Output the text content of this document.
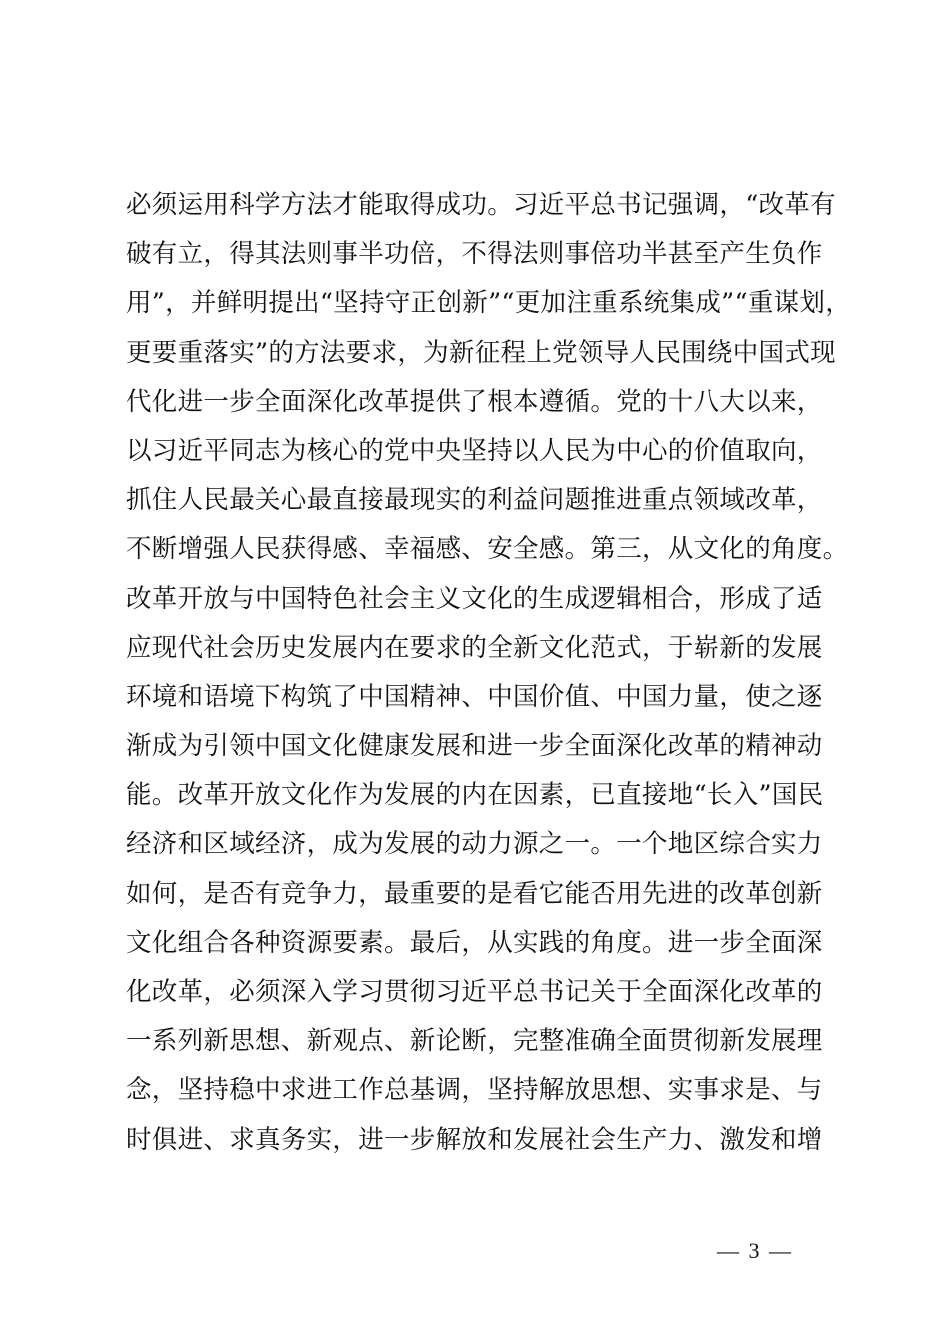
必须运用科学方法才能取得成功。习近平总书记强调，“改革有
破有立，得其法则事半功倍，不得法则事倍功半甚至产生负作
用”，并鲜明提出“坚持守正创新”“更加注重系统集成”“重谋划，
更要重落实”的方法要求，为新征程上党领导人民围绕中国式现
代化进一步全面深化改革提供了根本遵循。党的十八大以来，
以习近平同志为核心的党中央坚持以人民为中心的价值取向，
抓住人民最关心最直接最现实的利益问题推进重点领域改革，
不断增强人民获得感、幸福感、安全感。第三，从文化的角度。
改革开放与中国特色社会主义文化的生成逻辑相合，形成了适
应现代社会历史发展内在要求的全新文化范式，于崭新的发展
环境和语境下构筑了中国精神、中国价值、中国力量，使之逐
渐成为引领中国文化健康发展和进一步全面深化改革的精神动
能。改革开放文化作为发展的内在因素，已直接地“长入”国民
经济和区域经济，成为发展的动力源之一。一个地区综合实力
如何，是否有竞争力，最重要的是看它能否用先进的改革创新
文化组合各种资源要素。最后，从实践的角度。进一步全面深
化改革，必须深入学习贯彻习近平总书记关于全面深化改革的
一系列新思想、新观点、新论断，完整准确全面贯彻新发展理
念，坚持稳中求进工作总基调，坚持解放思想、实事求是、与
时俱进、求真务实，进一步解放和发展社会生产力、激发和增
— 3 —
